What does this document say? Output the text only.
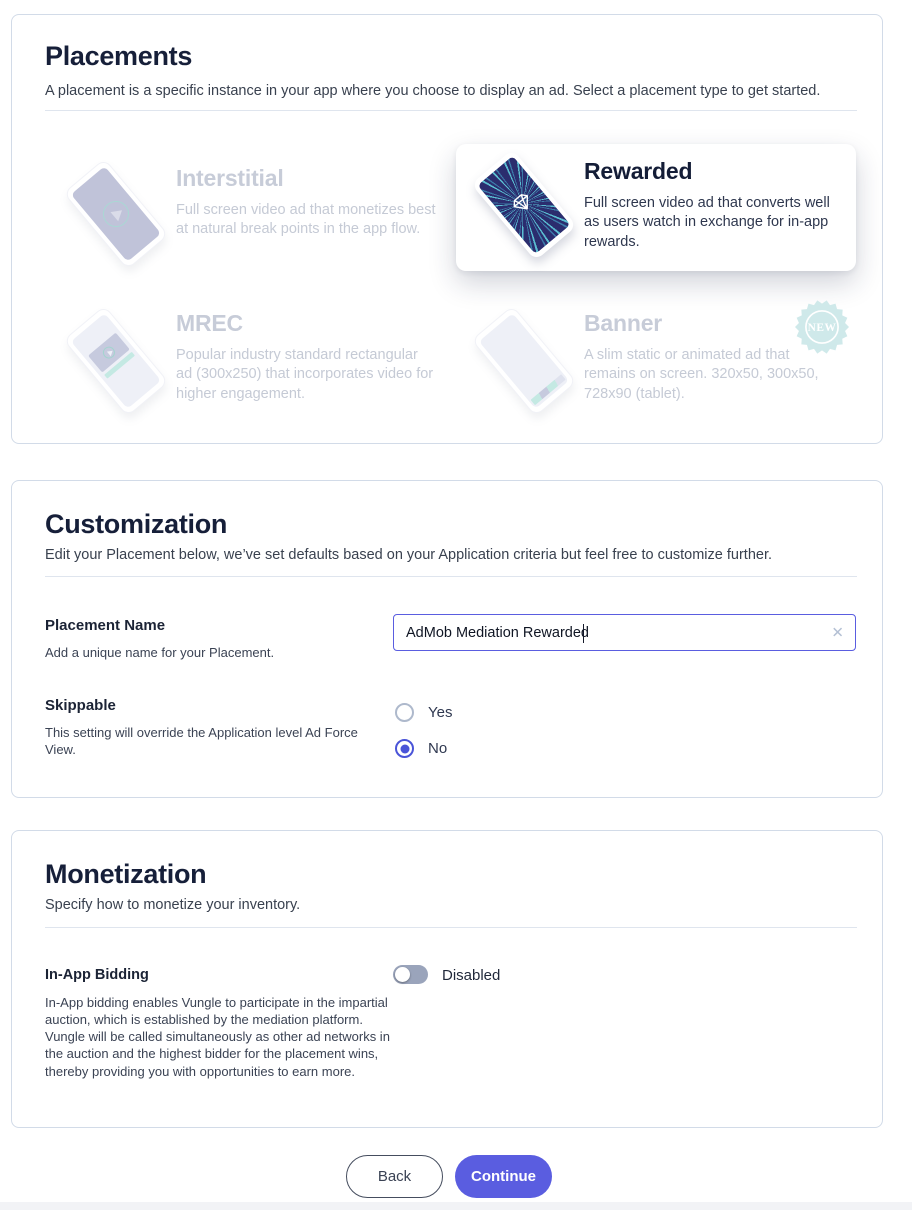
Placements

A placement is a specific instance in your app where you choose to display an ad. Select a placement type to get started.

Interstitial
Full screen video ad that monetizes best at natural break points in the app flow.
Rewarded
Full screen video ad that converts well as users watch in exchange for in-app rewards.
MREC
Popular industry standard rectangular ad (300x250) that incorporates video for higher engagement.
Banner
A slim static or animated ad that remains on screen. 320x50, 300x50, 728x90 (tablet).
NEW
Customization

Edit your Placement below, we’ve set defaults based on your Application criteria but feel free to customize further.

Placement Name
Add a unique name for your Placement.
AdMob Mediation Rewarded
✕
Skippable
This setting will override the Application level Ad Force View.
Yes
No
Monetization

Specify how to monetize your inventory.

In-App Bidding
In-App bidding enables Vungle to participate in the impartial auction, which is established by the mediation platform. Vungle will be called simultaneously as other ad networks in the auction and the highest bidder for the placement wins, thereby providing you with opportunities to earn more.
Disabled
Back	Continue
